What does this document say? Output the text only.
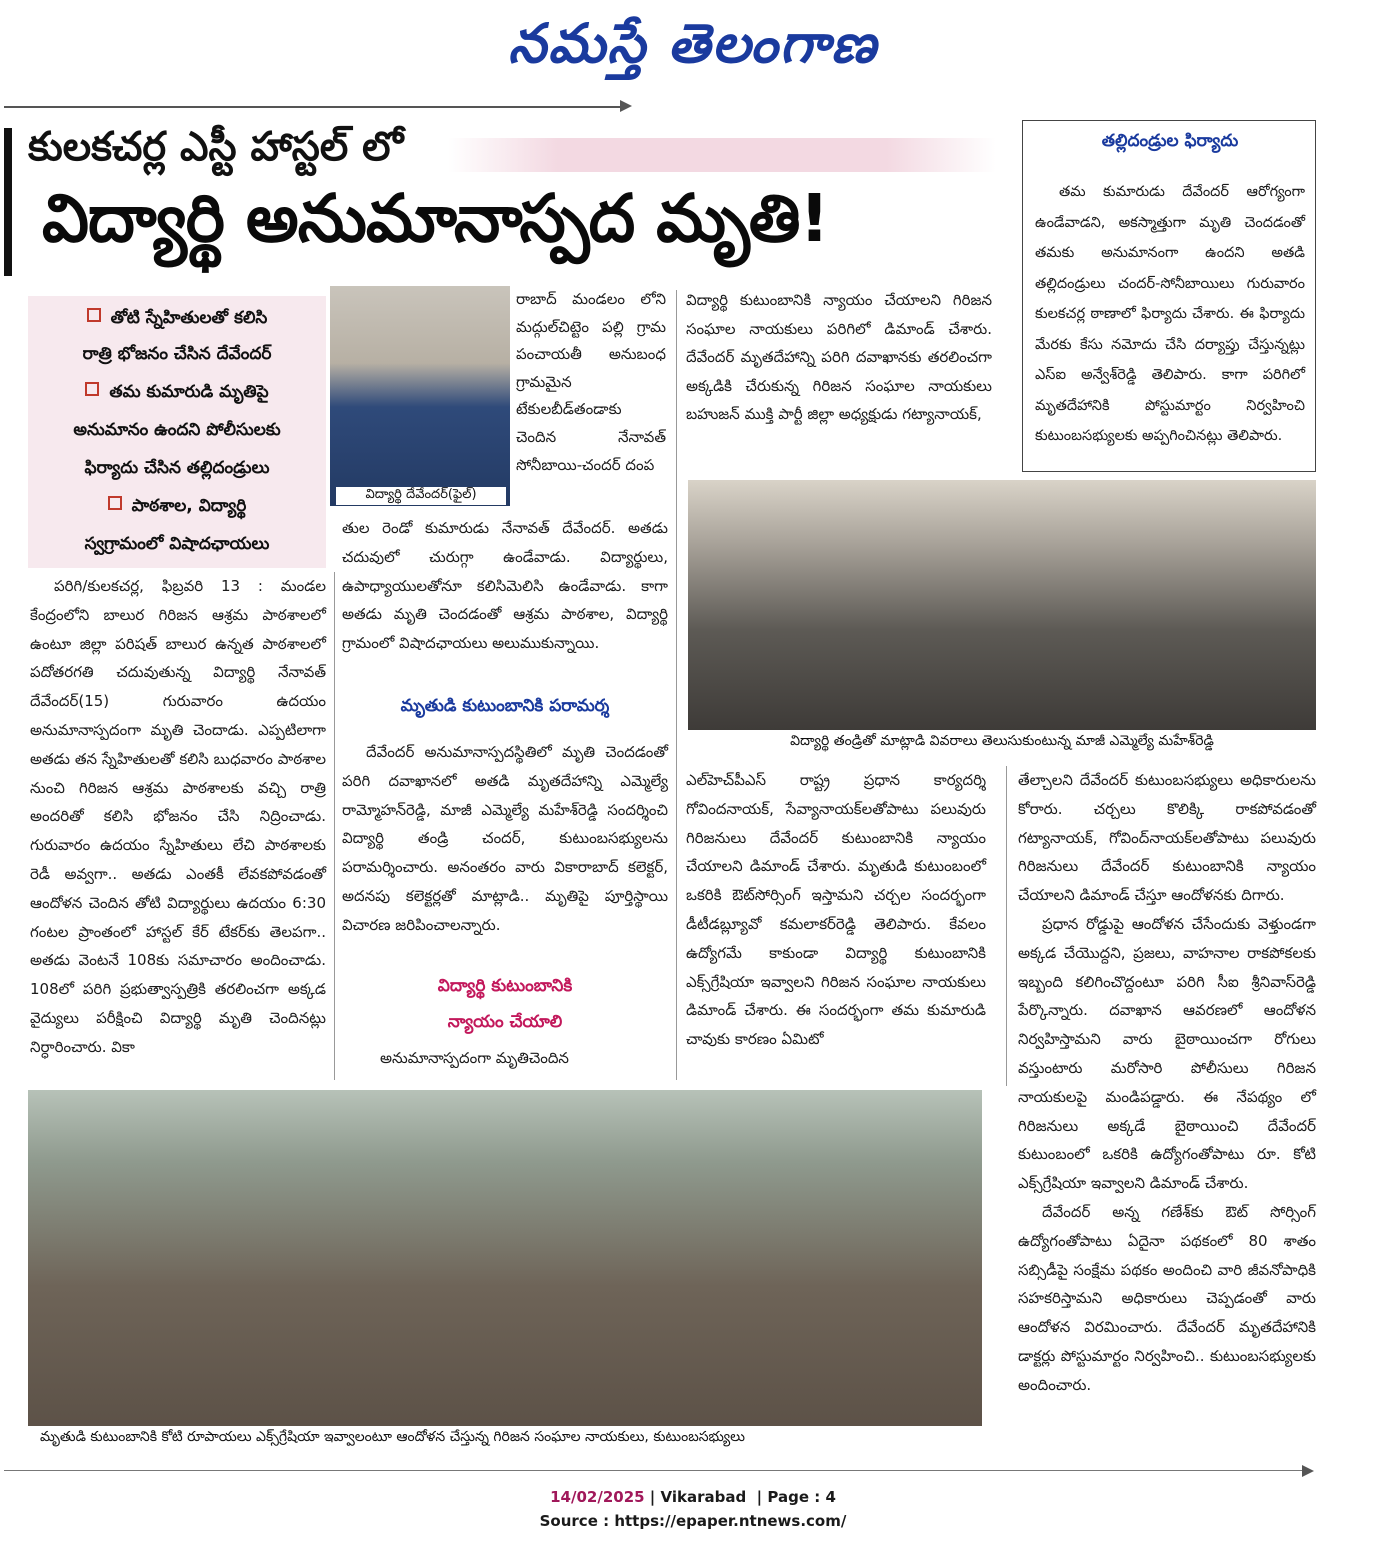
నమస్తే తెలంగాణ
కులకచర్ల ఎస్టీ హాస్టల్ లో
విద్యార్థి అనుమానాస్పద మృతి!
తోటి స్నేహితులతో కలిసి
రాత్రి భోజనం చేసిన దేవేందర్
తమ కుమారుడి మృతిపై
అనుమానం ఉందని పోలీసులకు
ఫిర్యాదు చేసిన తల్లిదండ్రులు
పాఠశాల, విద్యార్థి
స్వగ్రామంలో విషాదఛాయలు
విద్యార్థి దేవేందర్(ఫైల్)

పరిగి/కులకచర్ల, ఫిబ్రవరి 13 : మండల కేంద్రంలోని బాలుర గిరిజన ఆశ్రమ పాఠశాలలో ఉంటూ జిల్లా పరిషత్ బాలుర ఉన్నత పాఠశాలలో పదోతరగతి చదువుతున్న విద్యార్థి నేనావత్ దేవేందర్(15) గురువారం ఉదయం అనుమానాస్పదంగా మృతి చెందాడు. ఎప్పటిలాగా అతడు తన స్నేహితులతో కలిసి బుధవారం పాఠశాల నుంచి గిరిజన ఆశ్రమ పాఠశాలకు వచ్చి రాత్రి అందరితో కలిసి భోజనం చేసి నిద్రించాడు. గురువారం ఉదయం స్నేహితులు లేచి పాఠశాలకు రెడీ అవ్వగా.. అతడు ఎంతకీ లేవకపోవడంతో ఆందోళన చెందిన తోటి విద్యార్థులు ఉదయం 6:30 గంటల ప్రాంతంలో హాస్టల్ కేర్ టేకర్‌కు తెలపగా.. అతడు వెంటనే 108కు సమాచారం అందించాడు. 108లో పరిగి ప్రభుత్వాస్పత్రికి తరలించగా అక్కడ వైద్యులు పరీక్షించి విద్యార్థి మృతి చెందినట్లు నిర్ధారించారు. వికా

రాబాద్ మండలం లోని మద్గుల్‌చిట్టెం పల్లి గ్రామ పంచాయతీ అనుబంధ గ్రామమైన టేకులబీడ్‌తండాకు చెందిన నేనావత్ సోనీబాయి-చందర్ దంప
తుల రెండో కుమారుడు నేనావత్ దేవేందర్. అతడు చదువులో చురుగ్గా ఉండేవాడు. విద్యార్థులు, ఉపాధ్యాయులతోనూ కలిసిమెలిసి ఉండేవాడు. కాగా అతడు మృతి చెందడంతో ఆశ్రమ పాఠశాల, విద్యార్థి గ్రామంలో విషాదఛాయలు అలుముకున్నాయి.
మృతుడి కుటుంబానికి పరామర్శ

దేవేందర్ అనుమానాస్పదస్థితిలో మృతి చెందడంతో పరిగి దవాఖానలో అతడి మృతదేహాన్ని ఎమ్మెల్యే రామ్మోహన్‌రెడ్డి, మాజీ ఎమ్మెల్యే మహేశ్‌రెడ్డి సందర్శించి విద్యార్థి తండ్రి చందర్, కుటుంబసభ్యులను పరామర్శించారు. అనంతరం వారు వికారాబాద్ కలెక్టర్, అదనపు కలెక్టర్లతో మాట్లాడి.. మృతిపై పూర్తిస్థాయి విచారణ జరిపించాలన్నారు.

విద్యార్థి కుటుంబానికి
న్యాయం చేయాలి
అనుమానాస్పదంగా మృతిచెందిన
విద్యార్థి కుటుంబానికి న్యాయం చేయాలని గిరిజన సంఘాల నాయకులు పరిగిలో డిమాండ్ చేశారు. దేవేందర్ మృతదేహాన్ని పరిగి దవాఖానకు తరలించగా అక్కడికి చేరుకున్న గిరిజన సంఘాల నాయకులు బహుజన్ ముక్తి పార్టీ జిల్లా అధ్యక్షుడు గట్యానాయక్,
విద్యార్థి తండ్రితో మాట్లాడి వివరాలు తెలుసుకుంటున్న మాజీ ఎమ్మెల్యే మహేశ్‌రెడ్డి
ఎల్‌హెచ్‌పీఎస్ రాష్ట్ర ప్రధాన కార్యదర్శి గోవిందనాయక్, సేవ్యానాయక్‌లతోపాటు పలువురు గిరిజనులు దేవేందర్ కుటుంబానికి న్యాయం చేయాలని డిమాండ్ చేశారు. మృతుడి కుటుంబంలో ఒకరికి ఔట్‌సోర్సింగ్ ఇస్తామని చర్చల సందర్భంగా డీటీడబ్ల్యూవో కమలాకర్‌రెడ్డి తెలిపారు. కేవలం ఉద్యోగమే కాకుండా విద్యార్థి కుటుంబానికి ఎక్స్‌గ్రేషియా ఇవ్వాలని గిరిజన సంఘాల నాయకులు డిమాండ్ చేశారు. ఈ సందర్భంగా తమ కుమారుడి చావుకు కారణం ఏమిటో
తేల్చాలని దేవేందర్ కుటుంబసభ్యులు అధికారులను కోరారు. చర్చలు కొలిక్కి రాకపోవడంతో గట్యానాయక్, గోవింద్‌నాయక్‌లతోపాటు పలువురు గిరిజనులు దేవేందర్ కుటుంబానికి న్యాయం చేయాలని డిమాండ్ చేస్తూ ఆందోళనకు దిగారు.

ప్రధాన రోడ్డుపై ఆందోళన చేసేందుకు వెళ్తుండగా అక్కడ చేయొద్దని, ప్రజలు, వాహనాల రాకపోకలకు ఇబ్బంది కలిగించొద్దంటూ పరిగి సీఐ శ్రీనివాస్‌రెడ్డి పేర్కొన్నారు. దవాఖాన ఆవరణలో ఆందోళన నిర్వహిస్తామని వారు బైఠాయించగా రోగులు వస్తుంటారు మరోసారి పోలీసులు గిరిజన నాయకులపై మండిపడ్డారు. ఈ నేపథ్యం లో గిరిజనులు అక్కడే బైఠాయించి దేవేందర్ కుటుంబంలో ఒకరికి ఉద్యోగంతోపాటు రూ. కోటి ఎక్స్‌గ్రేషియా ఇవ్వాలని డిమాండ్ చేశారు.

దేవేందర్ అన్న గణేశ్‌కు ఔట్ సోర్సింగ్ ఉద్యోగంతోపాటు ఏదైనా పథకంలో 80 శాతం సబ్సిడీపై సంక్షేమ పథకం అందించి వారి జీవనోపాధికి సహకరిస్తామని అధికారులు చెప్పడంతో వారు ఆందోళన విరమించారు. దేవేందర్ మృతదేహానికి డాక్టర్లు పోస్టుమార్టం నిర్వహించి.. కుటుంబసభ్యులకు అందించారు.

తల్లిదండ్రుల ఫిర్యాదు
తమ కుమారుడు దేవేందర్ ఆరోగ్యంగా ఉండేవాడని, అకస్మాత్తుగా మృతి చెందడంతో తమకు అనుమానంగా ఉందని అతడి తల్లిదండ్రులు చందర్-సోనీబాయిలు గురువారం కులకచర్ల ఠాణాలో ఫిర్యాదు చేశారు. ఈ ఫిర్యాదు మేరకు కేసు నమోదు చేసి దర్యాప్తు చేస్తున్నట్లు ఎస్‌ఐ అన్వేశ్‌రెడ్డి తెలిపారు. కాగా పరిగిలో మృతదేహానికి పోస్టుమార్టం నిర్వహించి కుటుంబసభ్యులకు అప్పగించినట్లు తెలిపారు.
మృతుడి కుటుంబానికి కోటి రూపాయలు ఎక్స్‌గ్రేషియా ఇవ్వాలంటూ ఆందోళన చేస్తున్న గిరిజన సంఘాల నాయకులు, కుటుంబసభ్యులు
14/02/2025 | Vikarabad  | Page : 4
Source : https://epaper.ntnews.com/
